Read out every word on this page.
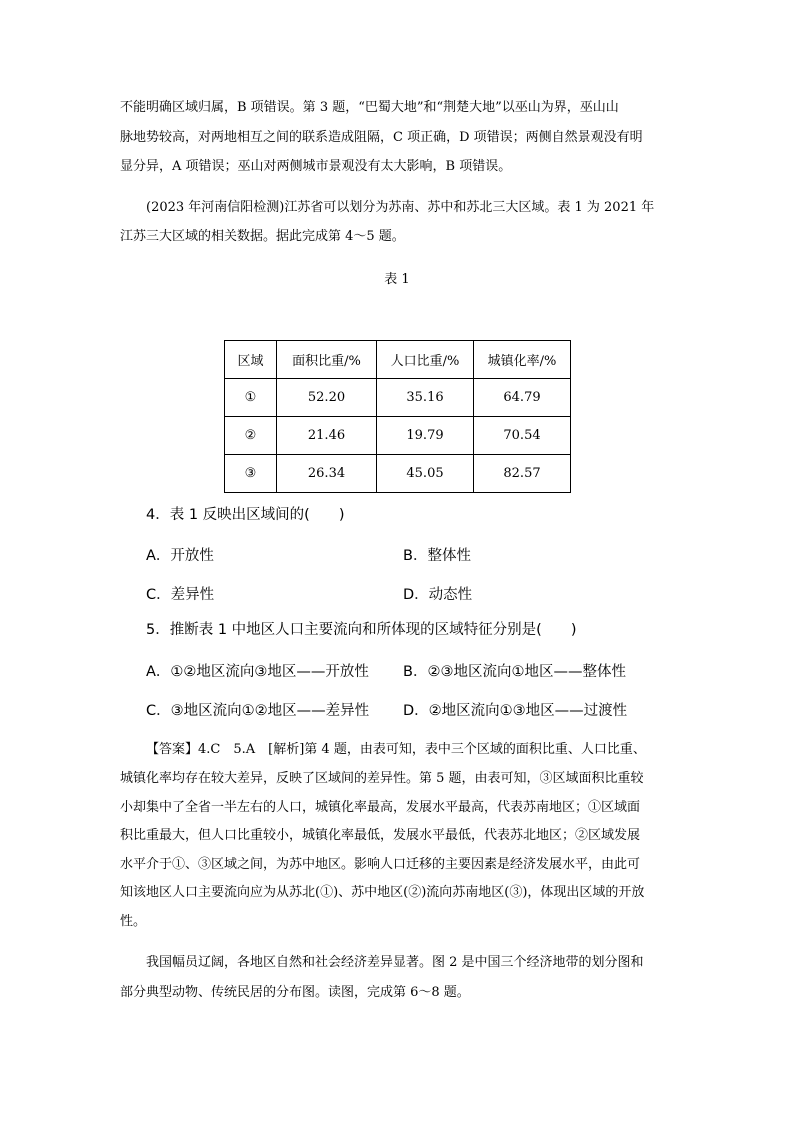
不能明确区域归属，B 项错误。第 3 题，“巴蜀大地”和“荆楚大地”以巫山为界，巫山山
脉地势较高，对两地相互之间的联系造成阻隔，C 项正确，D 项错误；两侧自然景观没有明
显分异，A 项错误；巫山对两侧城市景观没有太大影响，B 项错误。
(2023 年河南信阳检测)江苏省可以划分为苏南、苏中和苏北三大区域。表 1 为 2021 年
江苏三大区域的相关数据。据此完成第 4～5 题。
表 1
区域	面积比重/%	人口比重/%	城镇化率/%
①	52.20	35.16	64.79
②	21.46	19.79	70.54
③	26.34	45.05	82.57
4．表 1 反映出区域间的(　　)
A．开放性	B．整体性
C．差异性	D．动态性
5．推断表 1 中地区人口主要流向和所体现的区域特征分别是(　　)
A．①②地区流向③地区——开放性 B．②③地区流向①地区——整体性
C．③地区流向①②地区——差异性 D．②地区流向①③地区——过渡性
【答案】4.C　5.A　[解析]第 4 题，由表可知，表中三个区域的面积比重、人口比重、
城镇化率均存在较大差异，反映了区域间的差异性。第 5 题，由表可知，③区域面积比重较
小却集中了全省一半左右的人口，城镇化率最高，发展水平最高，代表苏南地区；①区域面
积比重最大，但人口比重较小，城镇化率最低，发展水平最低，代表苏北地区；②区域发展
水平介于①、③区域之间，为苏中地区。影响人口迁移的主要因素是经济发展水平，由此可
知该地区人口主要流向应为从苏北(①)、苏中地区(②)流向苏南地区(③)，体现出区域的开放
性。
我国幅员辽阔，各地区自然和社会经济差异显著。图 2 是中国三个经济地带的划分图和
部分典型动物、传统民居的分布图。读图，完成第 6～8 题。
